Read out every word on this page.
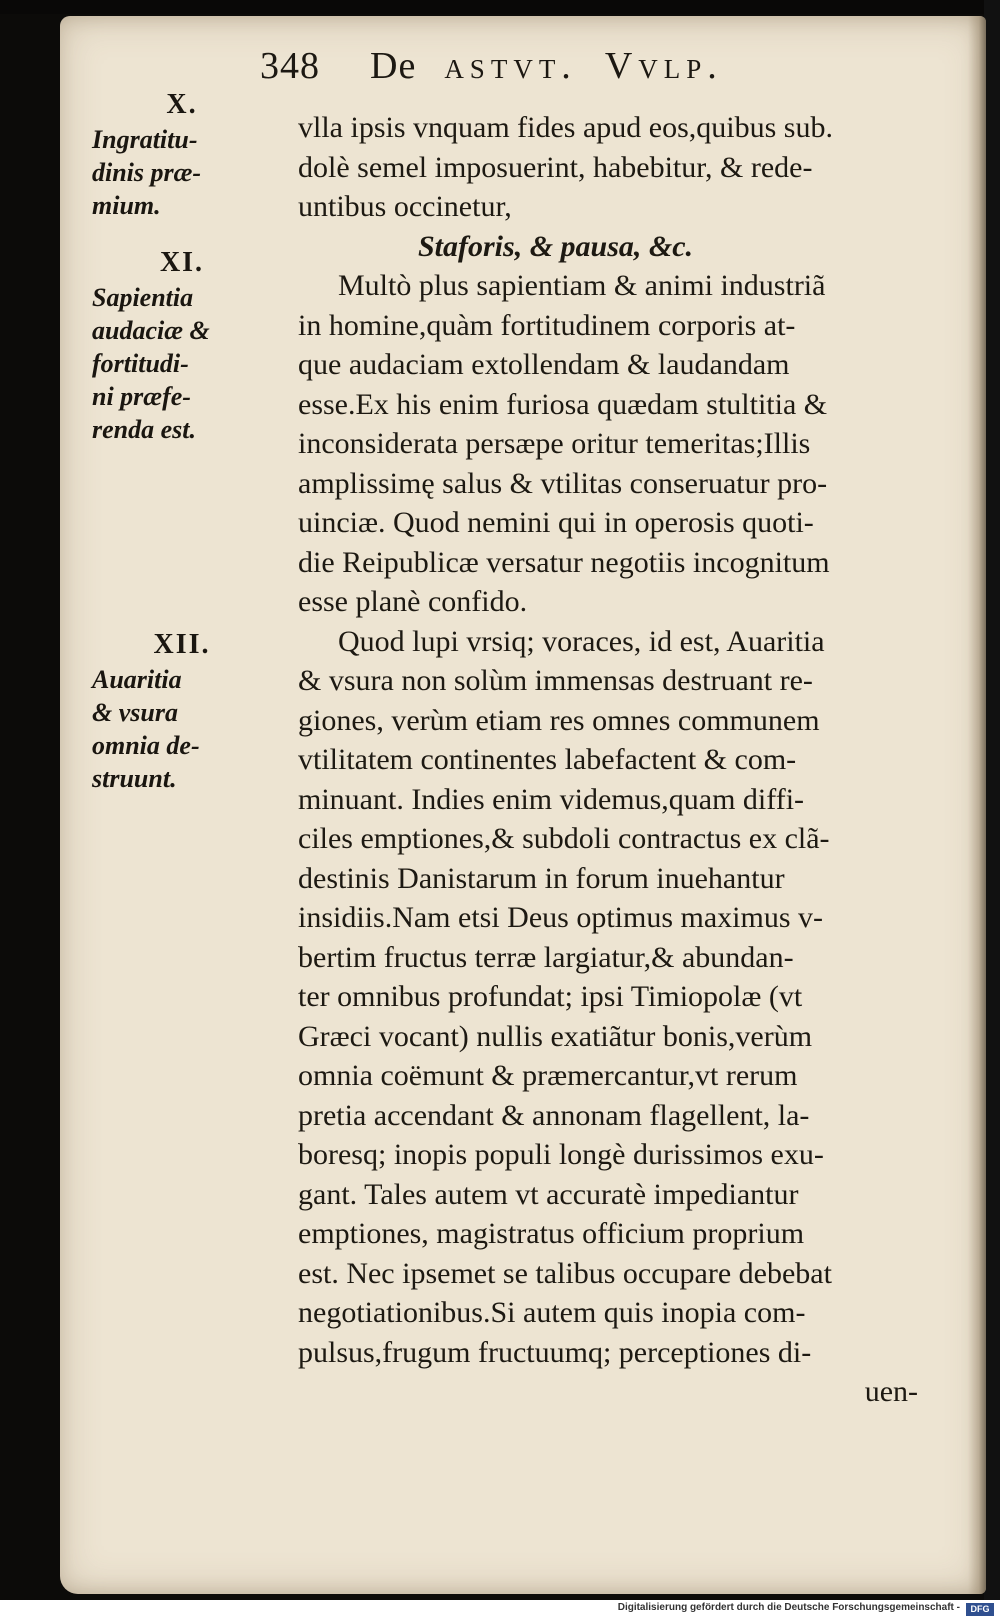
348 De astvt. Vvlp.
X.
Ingratitu-
dinis præ-
mium.
XI.
Sapientia
audaciæ &
fortitudi-
ni præfe-
renda est.
XII.
Auaritia
& vsura
omnia de-
struunt.
vlla ipsis vnquam fides apud eos,quibus sub.
dolè semel imposuerint, habebitur, & rede-
untibus occinetur,
Staforis, & pausa, &c.
Multò plus sapientiam & animi industriã
in homine,quàm fortitudinem corporis at-
que audaciam extollendam & laudandam
esse.Ex his enim furiosa quædam stultitia &
inconsiderata persæpe oritur temeritas;Illis
amplissimę salus & vtilitas conseruatur pro-
uinciæ. Quod nemini qui in operosis quoti-
die Reipublicæ versatur negotiis incognitum
esse planè confido.
Quod lupi vrsiq; voraces, id est, Auaritia
& vsura non solùm immensas destruant re-
giones, verùm etiam res omnes communem
vtilitatem continentes labefactent & com-
minuant. Indies enim videmus,quam diffi-
ciles emptiones,& subdoli contractus ex clã-
destinis Danistarum in forum inuehantur
insidiis.Nam etsi Deus optimus maximus v-
bertim fructus terræ largiatur,& abundan-
ter omnibus profundat; ipsi Timiopolæ (vt
Græci vocant) nullis exatiãtur bonis,verùm
omnia coëmunt & præmercantur,vt rerum
pretia accendant & annonam flagellent, la-
boresq; inopis populi longè durissimos exu-
gant. Tales autem vt accuratè impediantur
emptiones, magistratus officium proprium
est. Nec ipsemet se talibus occupare debebat
negotiationibus.Si autem quis inopia com-
pulsus,frugum fructuumq; perceptiones di-
uen-
Digitalisierung gefördert durch die Deutsche Forschungsgemeinschaft -	DFG
